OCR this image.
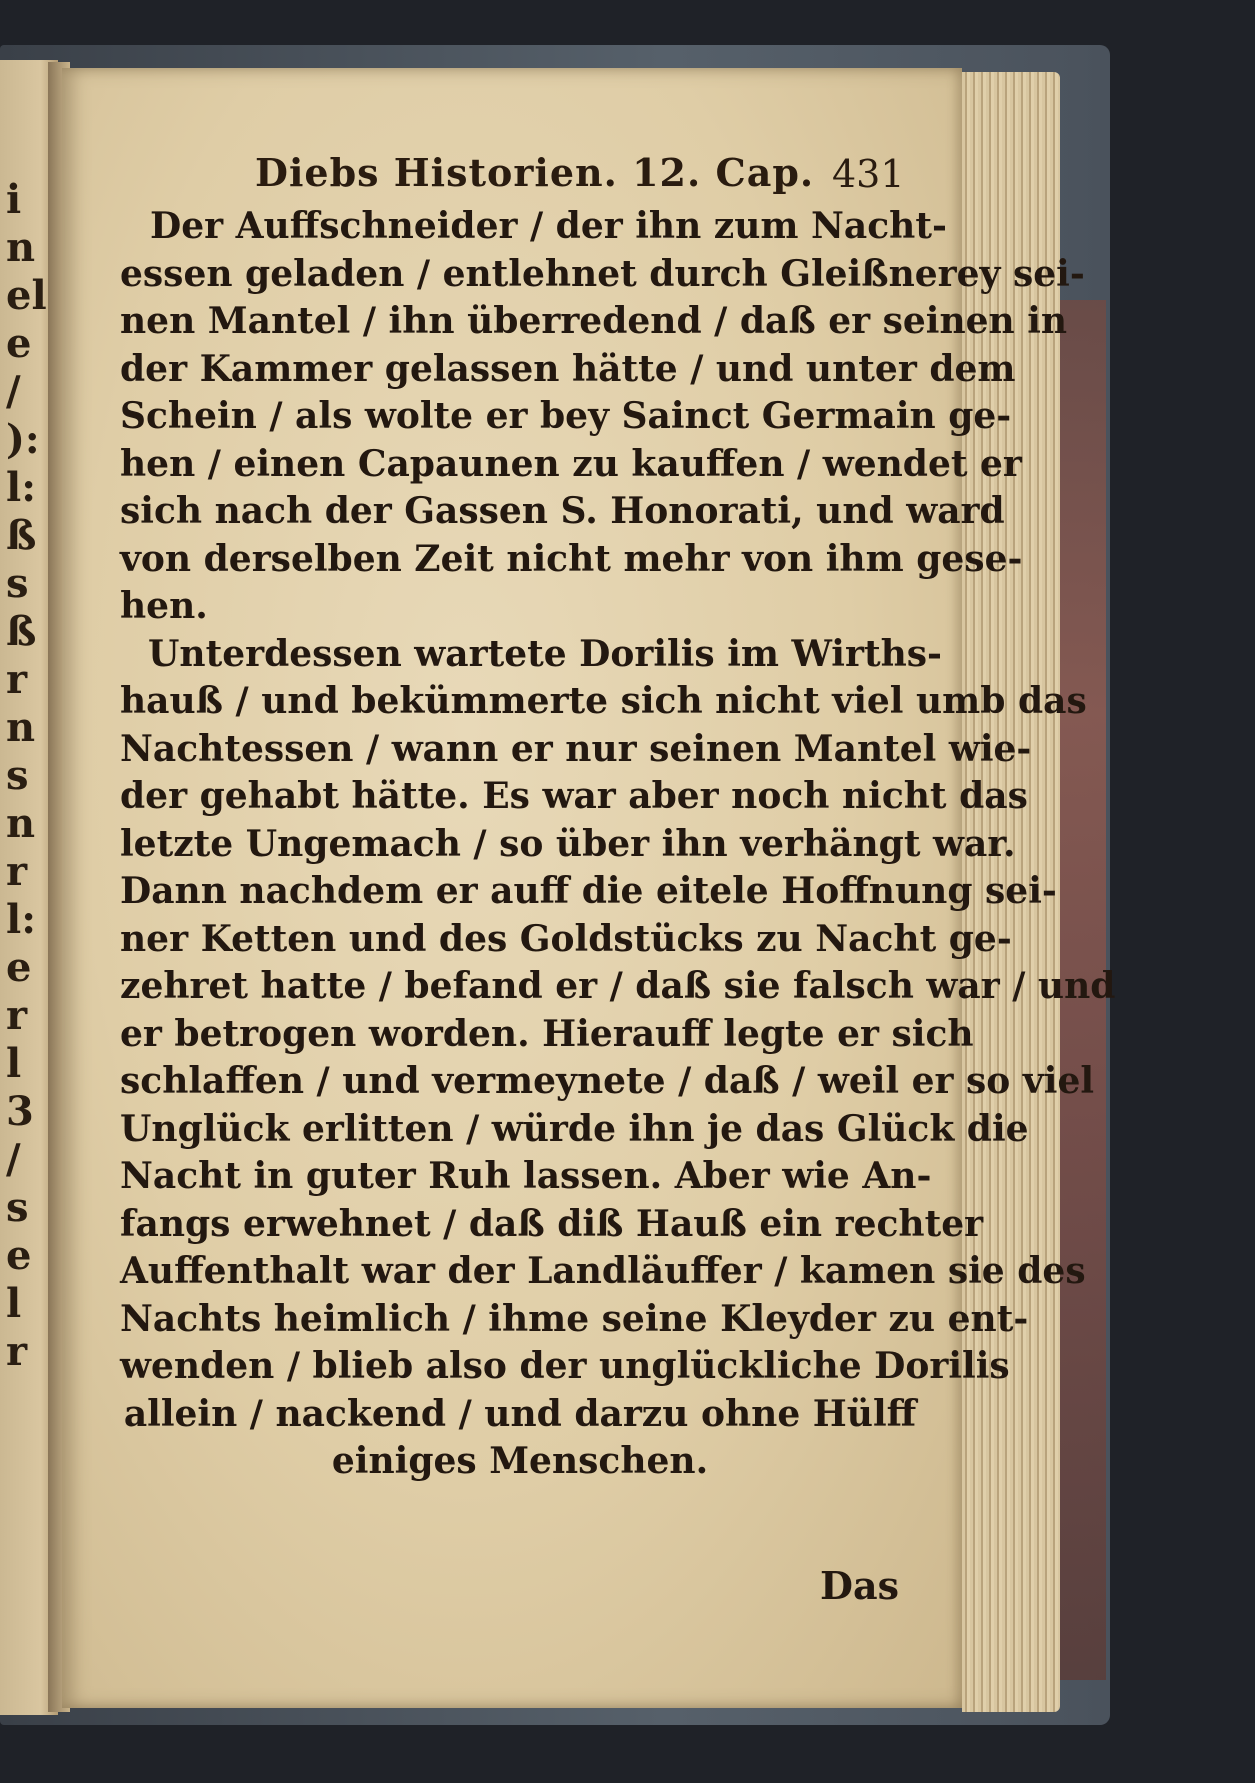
i
n
el
e
/
):
l:
ß
s
ß
r
n
s
n
r
l:
e
r
l
3
/
s
e
l
r
Diebs Historien. 12. Cap. 431
Der Auffschneider / der ihn zum Nacht-
essen geladen / entlehnet durch Gleißnerey sei-
nen Mantel / ihn überredend / daß er seinen in
der Kammer gelassen hätte / und unter dem
Schein / als wolte er bey Sainct Germain ge-
hen / einen Capaunen zu kauffen / wendet er
sich nach der Gassen S. Honorati, und ward
von derselben Zeit nicht mehr von ihm gese-
hen.
Unterdessen wartete Dorilis im Wirths-
hauß / und bekümmerte sich nicht viel umb das
Nachtessen / wann er nur seinen Mantel wie-
der gehabt hätte. Es war aber noch nicht das
letzte Ungemach / so über ihn verhängt war.
Dann nachdem er auff die eitele Hoffnung sei-
ner Ketten und des Goldstücks zu Nacht ge-
zehret hatte / befand er / daß sie falsch war / und
er betrogen worden. Hierauff legte er sich
schlaffen / und vermeynete / daß / weil er so viel
Unglück erlitten / würde ihn je das Glück die
Nacht in guter Ruh lassen. Aber wie An-
fangs erwehnet / daß diß Hauß ein rechter
Auffenthalt war der Landläuffer / kamen sie des
Nachts heimlich / ihme seine Kleyder zu ent-
wenden / blieb also der unglückliche Dorilis
allein / nackend / und darzu ohne Hülff
einiges Menschen.
Das
